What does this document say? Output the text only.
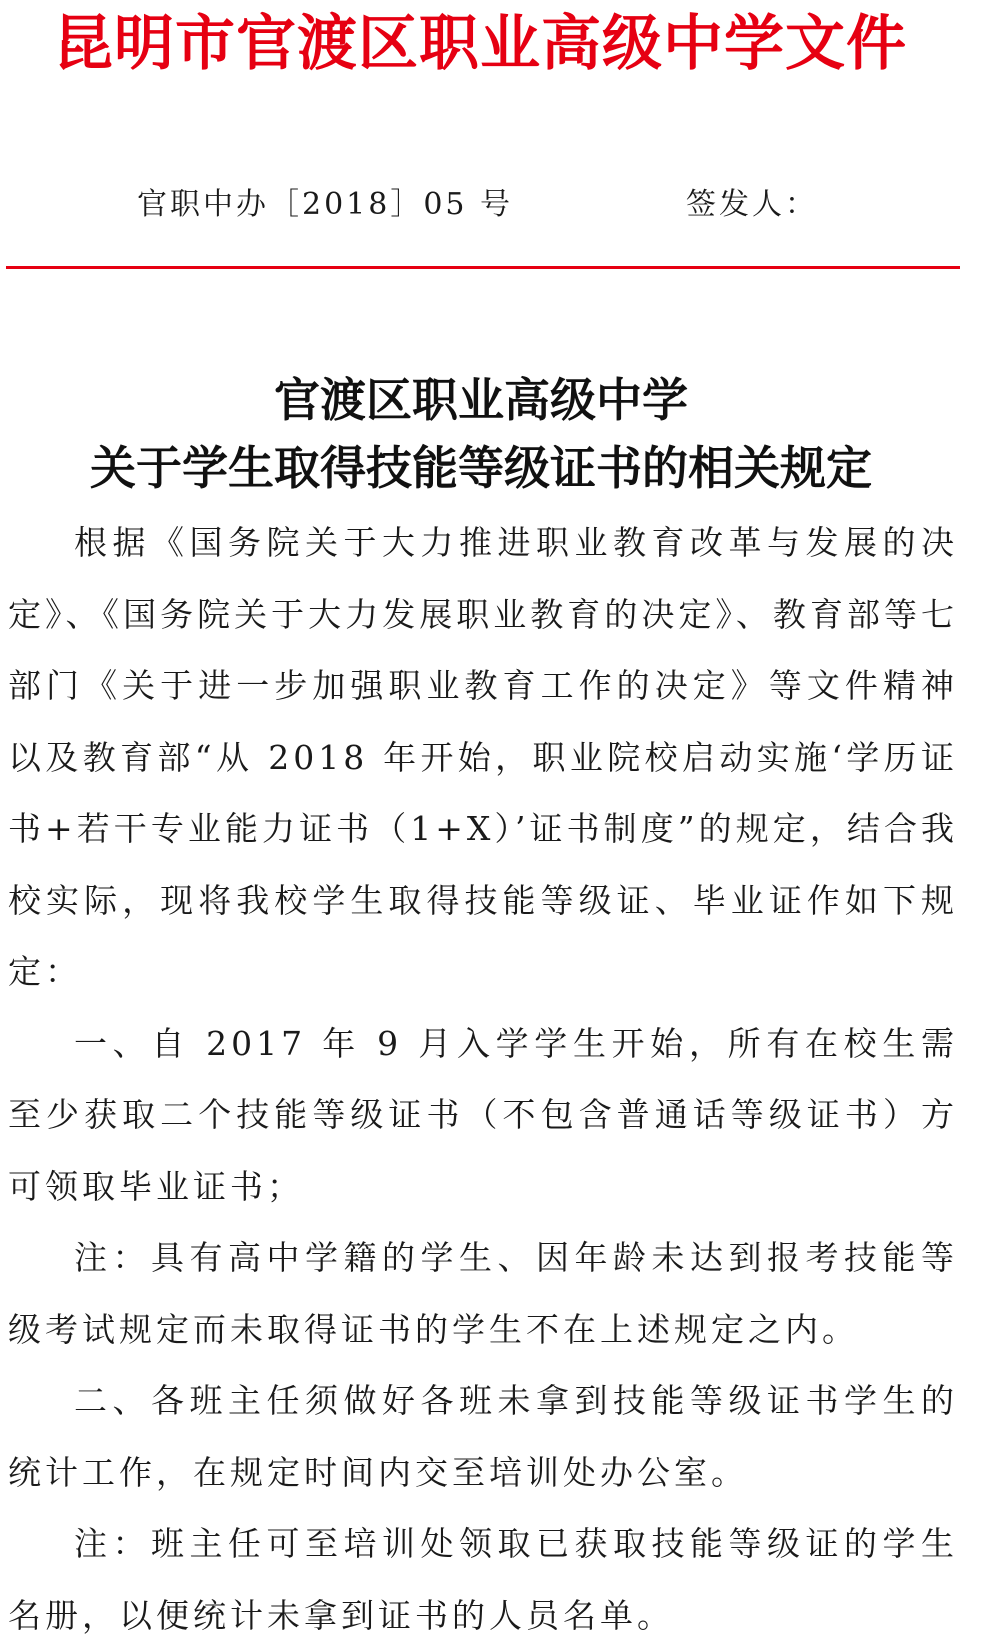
昆明市官渡区职业高级中学文件
官职中办［2018］05 号	签发人：
官渡区职业高级中学
关于学生取得技能等级证书的相关规定

根据《国务院关于大力推进职业教育改革与发展的决定》、《国务院关于大力发展职业教育的决定》、教育部等七部门《关于进一步加强职业教育工作的决定》等文件精神以及教育部“从 2018 年开始，职业院校启动实施‘学历证书+若干专业能力证书（1+X）’证书制度”的规定，结合我校实际，现将我校学生取得技能等级证、毕业证作如下规定：

一、自 2017 年 9 月入学学生开始，所有在校生需至少获取二个技能等级证书（不包含普通话等级证书）方可领取毕业证书；

注：具有高中学籍的学生、因年龄未达到报考技能等级考试规定而未取得证书的学生不在上述规定之内。

二、各班主任须做好各班未拿到技能等级证书学生的统计工作，在规定时间内交至培训处办公室。

注：班主任可至培训处领取已获取技能等级证的学生名册，以便统计未拿到证书的人员名单。
